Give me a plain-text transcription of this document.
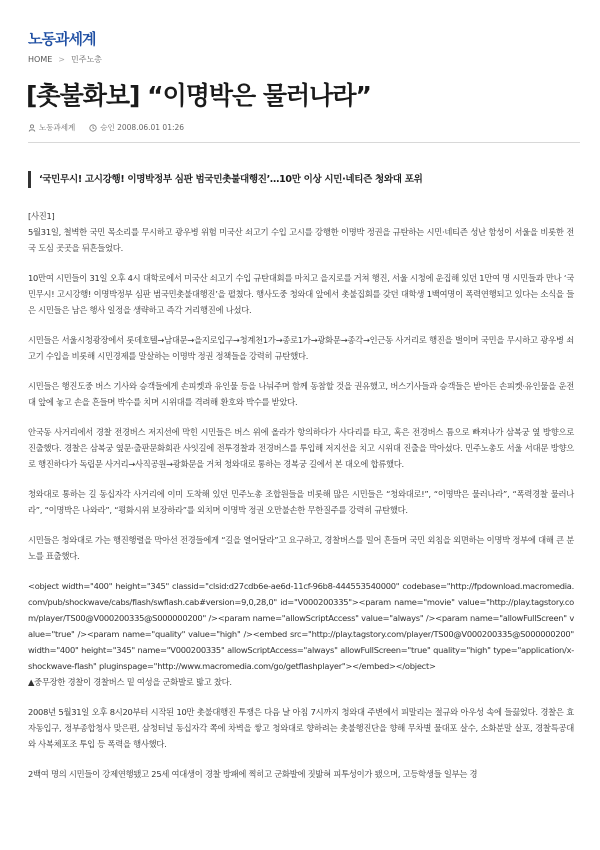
노동과세계
HOME > 민주노총
[촛불화보] “이명박은 물러나라”
노동과세계	승인 2008.06.01 01:26
‘국민무시! 고시강행! 이명박정부 심판 범국민촛불대행진’…10만 이상 시민·네티즌 청와대 포위

[사진1]

5월31일, 철벽한 국민 목소리를 무시하고 광우병 위험 미국산 쇠고기 수입 고시를 강행한 이명박 정권을 규탄하는 시민·네티즌 성난 함성이 서울을 비롯한 전국 도심 곳곳을 뒤흔들었다.

10만여 시민들이 31일 오후 4시 대학로에서 미국산 쇠고기 수입 규탄대회를 마치고 을지로를 거쳐 행진, 서울 시청에 운집해 있던 1만여 명 시민들과 만나 ‘국민무시! 고시강행! 이명박정부 심판 범국민촛불대행진’을 펼쳤다. 행사도중 청와대 앞에서 촛불집회를 갖던 대학생 1백여명이 폭력연행되고 있다는 소식을 들은 시민들은 남은 행사 일정을 생략하고 즉각 거리행진에 나섰다.

시민들은 서울시청광장에서 롯데호텔→남대문→을지로입구→청계천1가→종로1가→광화문→종각→인근동 사거리로 행진을 벌이며 국민을 무시하고 광우병 쇠고기 수입을 비롯해 시민경제를 말살하는 이명박 정권 정책들을 강력히 규탄했다.

시민들은 행진도중 버스 기사와 승객들에게 손피켓과 유인물 등을 나눠주며 함께 동참할 것을 권유했고, 버스기사들과 승객들은 받아든 손피켓·유인물을 운전대 앞에 놓고 손을 흔들며 박수를 치며 시위대를 격려해 환호와 박수를 받았다.

안국동 사거리에서 경찰 전경버스 저지선에 막힌 시민들은 버스 위에 올라가 항의하다가 사다리를 타고, 혹은 전경버스 틈으로 빠져나가 삼복궁 옆 방향으로 진출했다. 경찰은 삼복궁 옆문·출판문화회관 사잇길에 전투경찰과 전경버스를 투입해 저지선을 치고 시위대 진출을 막아섰다. 민주노총도 서울 서대문 방향으로 행진하다가 독립문 사거리→사직공원→광화문을 거쳐 청와대로 통하는 경복궁 길에서 본 대오에 합류했다.

청와대로 통하는 길 동십자각 사거리에 이미 도착해 있던 민주노총 조합원들을 비롯해 많은 시민들은 “청와대로!”, “이명박은 물러나라”, “폭력경찰 물러나라”, “이명박은 나와라”, “평화시위 보장하라”를 외치며 이명박 정권 오만불손한 무한질주를 강력히 규탄했다.

시민들은 청와대로 가는 행진행렬을 막아선 전경들에게 “길을 열어달라”고 요구하고, 경찰버스를 밀어 흔들며 국민 외침을 외면하는 이명박 정부에 대해 큰 분노를 표출했다.

<object width="400" height="345" classid="clsid:d27cdb6e-ae6d-11cf-96b8-444553540000" codebase="http://fpdownload.macromedia.com/pub/shockwave/cabs/flash/swflash.cab#version=9,0,28,0" id="V000200335"><param name="movie" value="http://play.tagstory.com/player/TS00@V000200335@S000000200" /><param name="allowScriptAccess" value="always" /><param name="allowFullScreen" value="true" /><param name="quality" value="high" /><embed src="http://play.tagstory.com/player/TS00@V000200335@S000000200" width="400" height="345" name="V000200335" allowScriptAccess="always" allowFullScreen="true" quality="high" type="application/x-shockwave-flash" pluginspage="http://www.macromedia.com/go/getflashplayer"></embed></object>

▲중무장한 경찰이 경찰버스 밑 여성을 군화발로 밟고 찼다.

2008년 5월31일 오후 8시20부터 시작된 10만 촛불대행진 투쟁은 다음 날 아침 7시까지 청와대 주변에서 피말리는 절규와 아우성 속에 들끓었다. 경찰은 효자동입구, 정부종합청사 맞은편, 삼청터널 동십자각 쪽에 차벽을 쌓고 청와대로 향하려는 촛불행진단을 향해 무차별 물대포 살수, 소화분말 살포, 경찰특공대와 사복체포조 투입 등 폭력을 행사했다.

2백여 명의 시민들이 강제연행됐고 25세 여대생이 경찰 방패에 찍히고 군화발에 짓밟혀 피투성이가 됐으며, 고등학생들 일부는 경
